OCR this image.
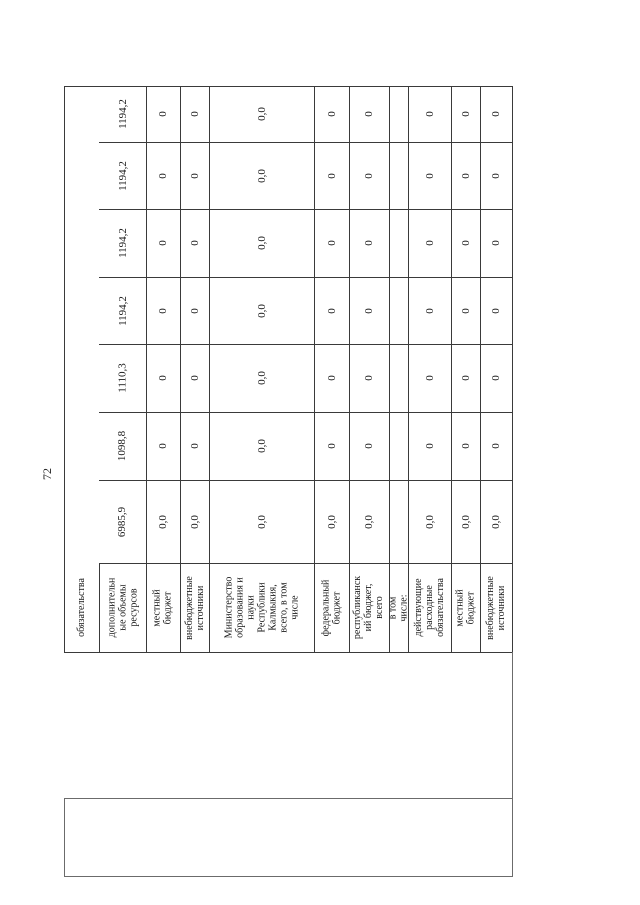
72
обязательства дополнительн
ые объемы
ресурсов
6985,9
1098,8
1110,3
1194,2
1194,2
1194,2
1194,2
местный
бюджет
0,0
0
0
0
0
0
0
внебюджетные
источники
0,0
0
0
0
0
0
0
Министерство
образования и
науки
Республики
Калмыкия,
всего, в том
числе
0,0
0,0
0,0
0,0
0,0
0,0
0,0
федеральный
бюджет
0,0
0
0
0
0
0
0
республиканск
ий бюджет,
всего
0,0
0
0
0
0
0
0
в том числе: действующие
расходные
обязательства
0,0
0
0
0
0
0
0
местный
бюджет
0,0
0
0
0
0
0
0
внебюджетные
источники
0,0
0
0
0
0
0
0
